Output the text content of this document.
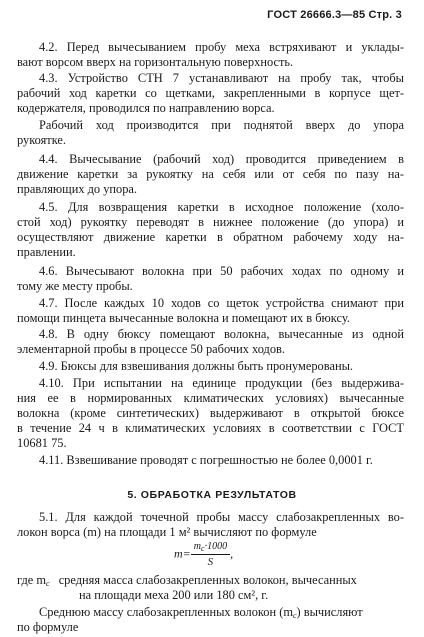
ГОСТ 26666.3—85 Стр. 3
4.2. Перед вычесыванием пробу меха встряхивают и уклады-
вают ворсом вверх на горизонтальную поверхность.
4.3. Устройство СТН 7 устанавливают на пробу так, чтобы
рабочий ход каретки со щетками, закрепленными в корпусе щет-
кодержателя, проводился по направлению ворса.
Рабочий ход производится при поднятой вверх до упора
рукоятке.
4.4. Вычесывание (рабочий ход) проводится приведением в
движение каретки за рукоятку на себя или от себя по пазу на-
правляющих до упора.
4.5. Для возвращения каретки в исходное положение (холо-
стой ход) рукоятку переводят в нижнее положение (до упора) и
осуществляют движение каретки в обратном рабочему ходу на-
правлении.
4.6. Вычесывают волокна при 50 рабочих ходах по одному и
тому же месту пробы.
4.7. После каждых 10 ходов со щеток устройства снимают при
помощи пинцета вычесанные волокна и помещают их в бюксу.
4.8. В одну бюксу помещают волокна, вычесанные из одной
элементарной пробы в процессе 50 рабочих ходов.
4.9. Бюксы для взвешивания должны быть пронумерованы.
4.10. При испытании на единице продукции (без выдержива-
ния ее в нормированных климатических условиях) вычесанные
волокна (кроме синтетических) выдерживают в открытой бюксе
в течение 24 ч в климатических условиях в соответствии с ГОСТ
10681 75.
4.11. Взвешивание проводят с погрешностью не более 0,0001 г.
5. ОБРАБОТКА РЕЗУЛЬТАТОВ
5.1. Для каждой точечной пробы массу слабозакрепленных во-
локон ворса (m) на площади 1 м² вычисляют по формуле
$m= \frac{m_c\cdot 1000}{S}$ ,
где $m_c$ средняя масса слабозакрепленных волокон, вычесанных
на площади меха 200 или 180 см², г.
Среднюю массу слабозакрепленных волокон $(m_c)$ вычисляют
по формуле
